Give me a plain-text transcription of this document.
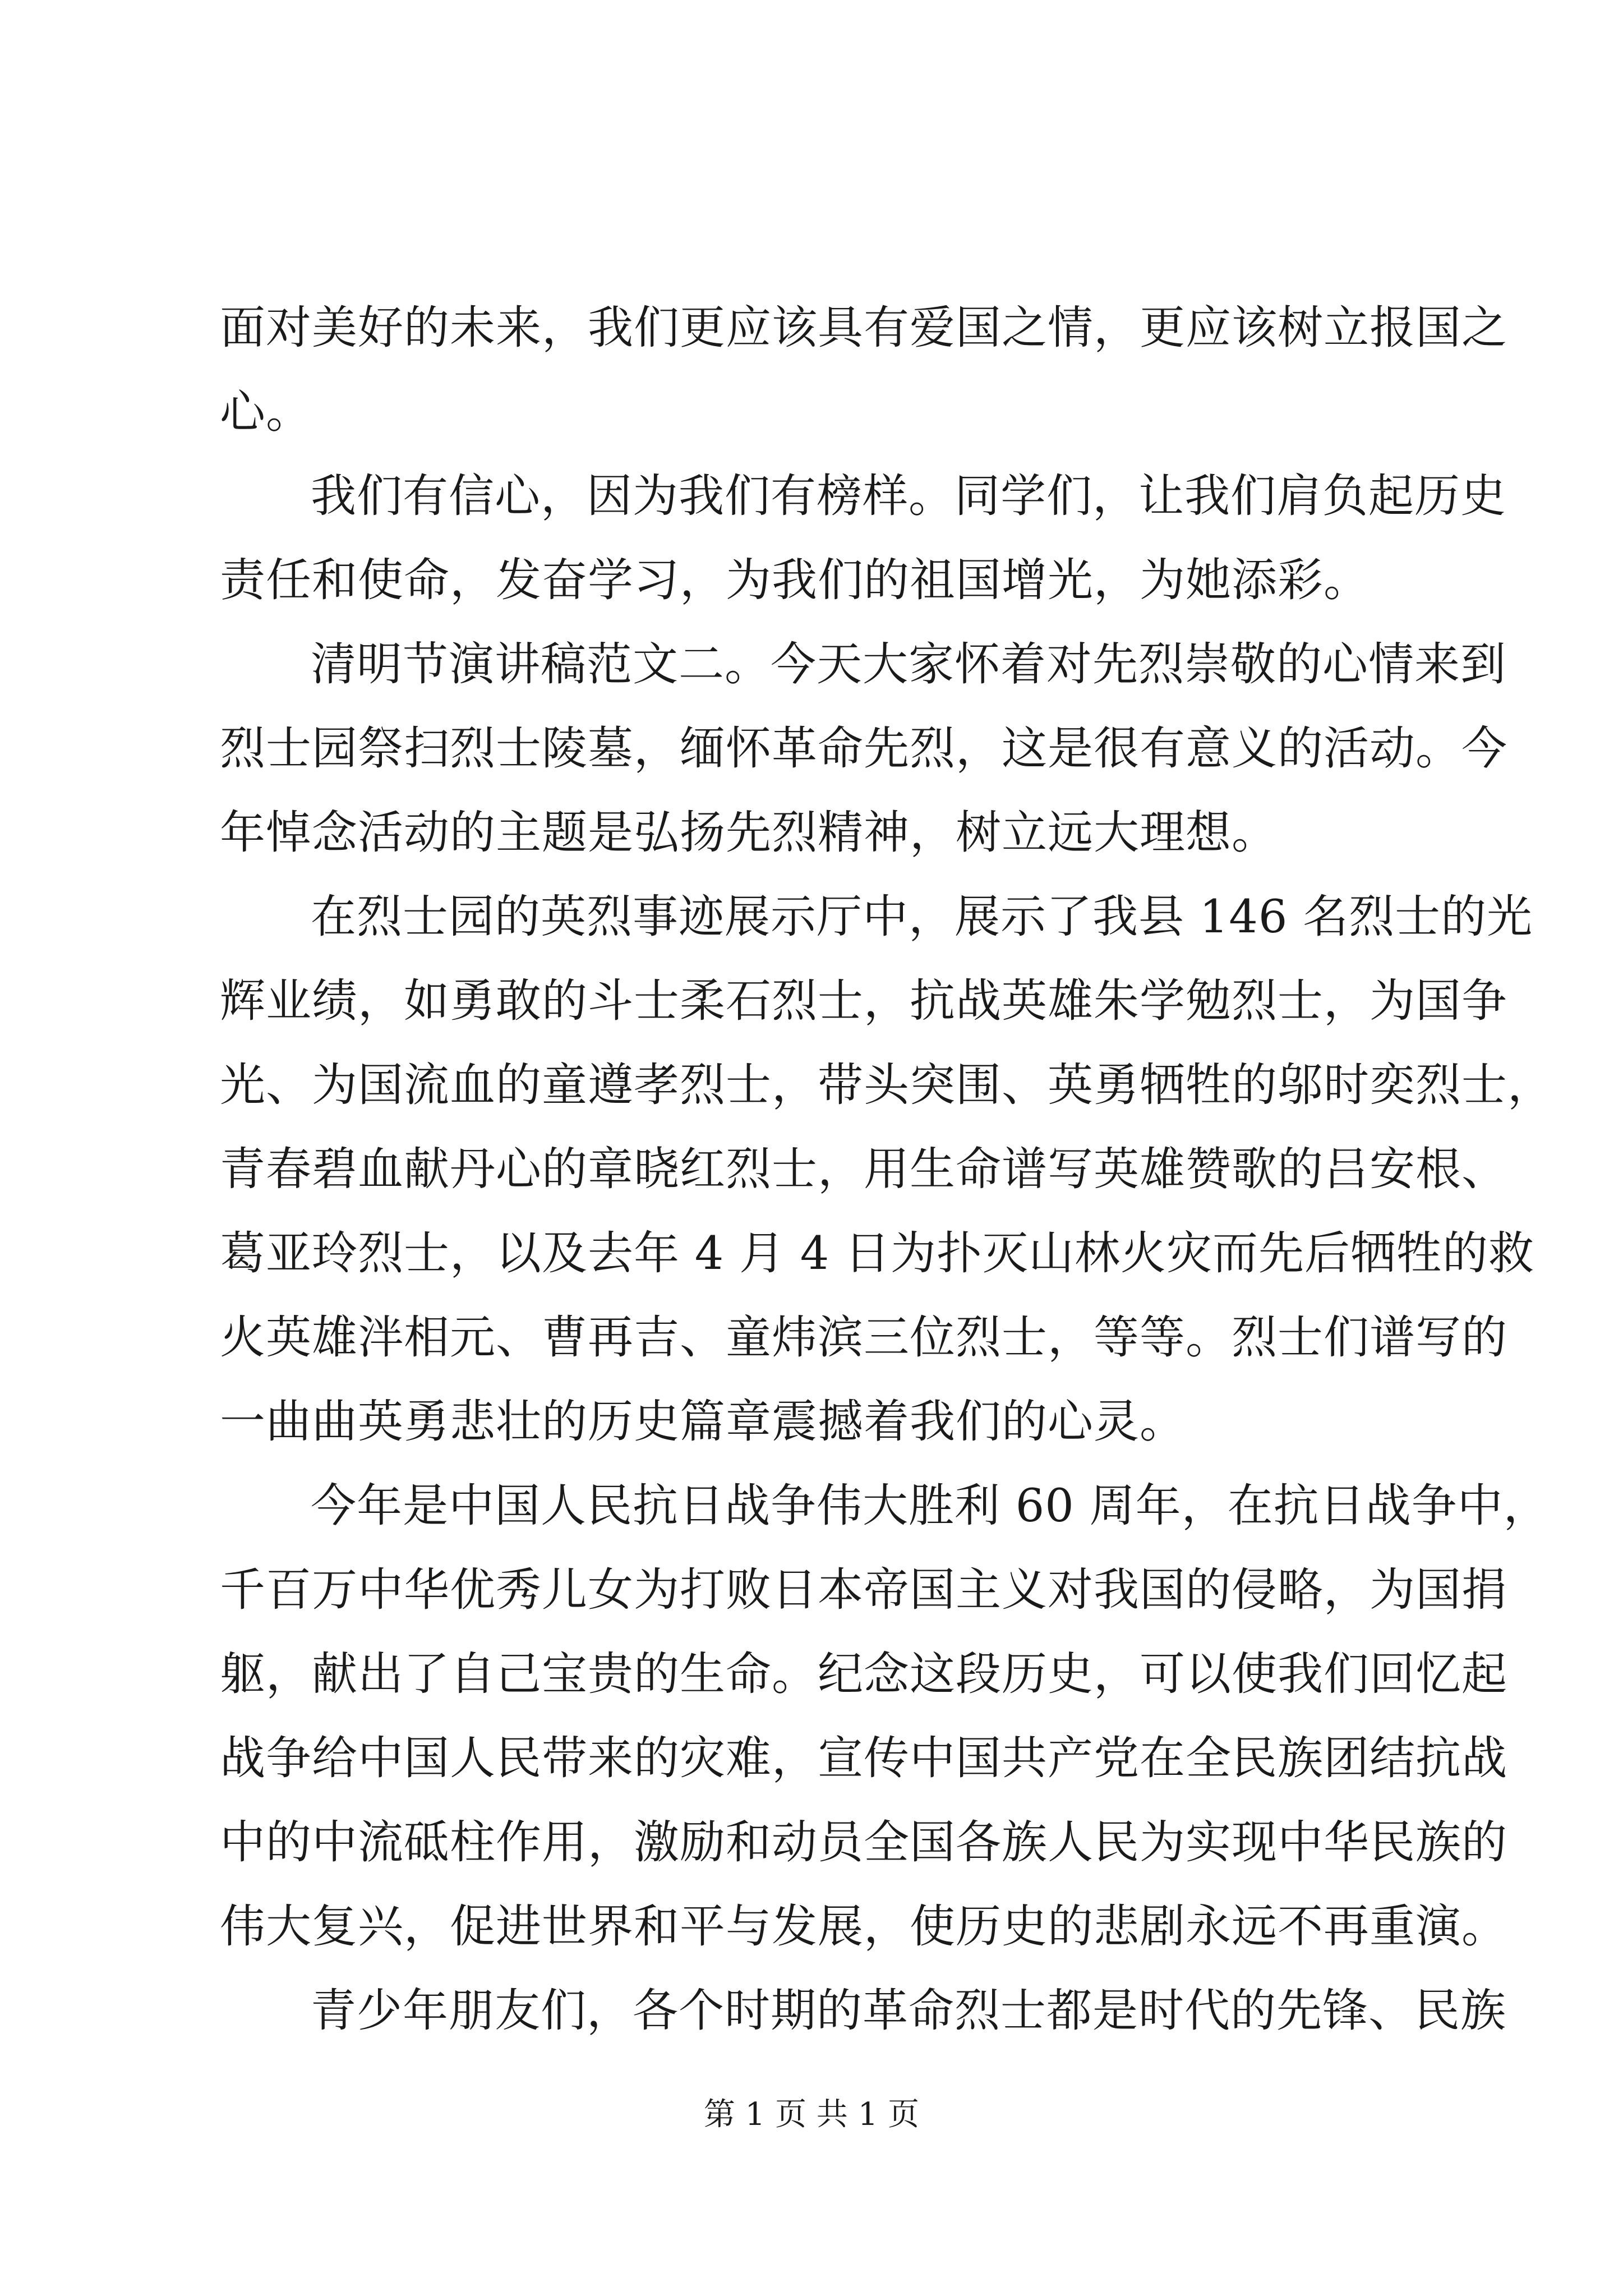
面对美好的未来，我们更应该具有爱国之情，更应该树立报国之
心。
我们有信心，因为我们有榜样。同学们，让我们肩负起历史
责任和使命，发奋学习，为我们的祖国增光，为她添彩。
清明节演讲稿范文二。今天大家怀着对先烈崇敬的心情来到
烈士园祭扫烈士陵墓，缅怀革命先烈，这是很有意义的活动。今
年悼念活动的主题是弘扬先烈精神，树立远大理想。
在烈士园的英烈事迹展示厅中，展示了我县 146 名烈士的光
辉业绩，如勇敢的斗士柔石烈士，抗战英雄朱学勉烈士，为国争
光、为国流血的童遵孝烈士，带头突围、英勇牺牲的邬时奕烈士，
青春碧血献丹心的章晓红烈士，用生命谱写英雄赞歌的吕安根、
葛亚玲烈士，以及去年 4 月 4 日为扑灭山林火灾而先后牺牲的救
火英雄泮相元、曹再吉、童炜滨三位烈士，等等。烈士们谱写的
一曲曲英勇悲壮的历史篇章震撼着我们的心灵。
今年是中国人民抗日战争伟大胜利 60 周年，在抗日战争中，
千百万中华优秀儿女为打败日本帝国主义对我国的侵略，为国捐
躯，献出了自己宝贵的生命。纪念这段历史，可以使我们回忆起
战争给中国人民带来的灾难，宣传中国共产党在全民族团结抗战
中的中流砥柱作用，激励和动员全国各族人民为实现中华民族的
伟大复兴，促进世界和平与发展，使历史的悲剧永远不再重演。
青少年朋友们，各个时期的革命烈士都是时代的先锋、民族
第 1 页 共 1 页
